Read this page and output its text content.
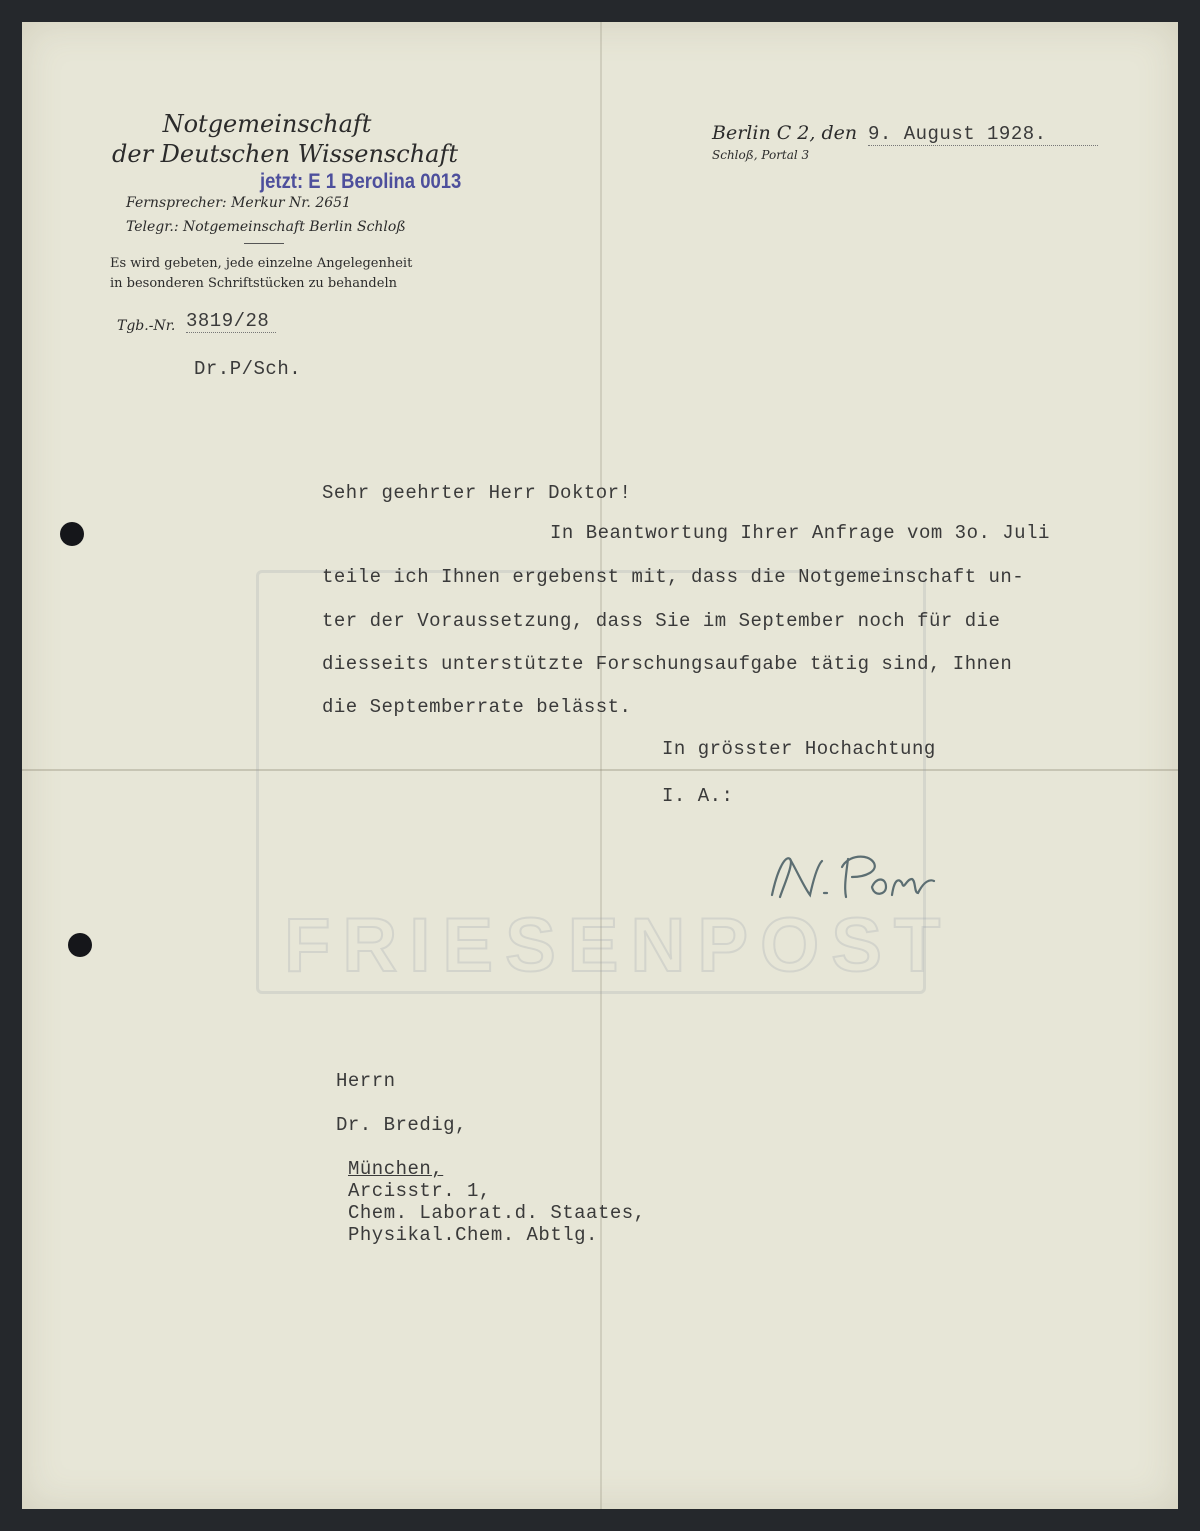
FRIESENPOST
Notgemeinschaft
der Deutschen Wissenschaft
jetzt: E 1 Berolina 0013
Fernsprecher: Merkur Nr. 2651
Telegr.: Notgemeinschaft Berlin Schloß
Es wird gebeten, jede einzelne Angelegenheit
in besonderen Schriftstücken zu behandeln
Tgb.-Nr. 3819/28
Dr.P/Sch.
Berlin C 2, den 9. August 1928.
Schloß, Portal 3
Sehr geehrter Herr Doktor!
In Beantwortung Ihrer Anfrage vom 3o. Juli
teile ich Ihnen ergebenst mit, dass die Notgemeinschaft un-
ter der Voraussetzung, dass Sie im September noch für die
diesseits unterstützte Forschungsaufgabe tätig sind, Ihnen
die Septemberrate belässt.
In grösster Hochachtung
I. A.:
Herrn
Dr. Bredig,
München,
Arcisstr. 1,
Chem. Laborat.d. Staates,
Physikal.Chem. Abtlg.
